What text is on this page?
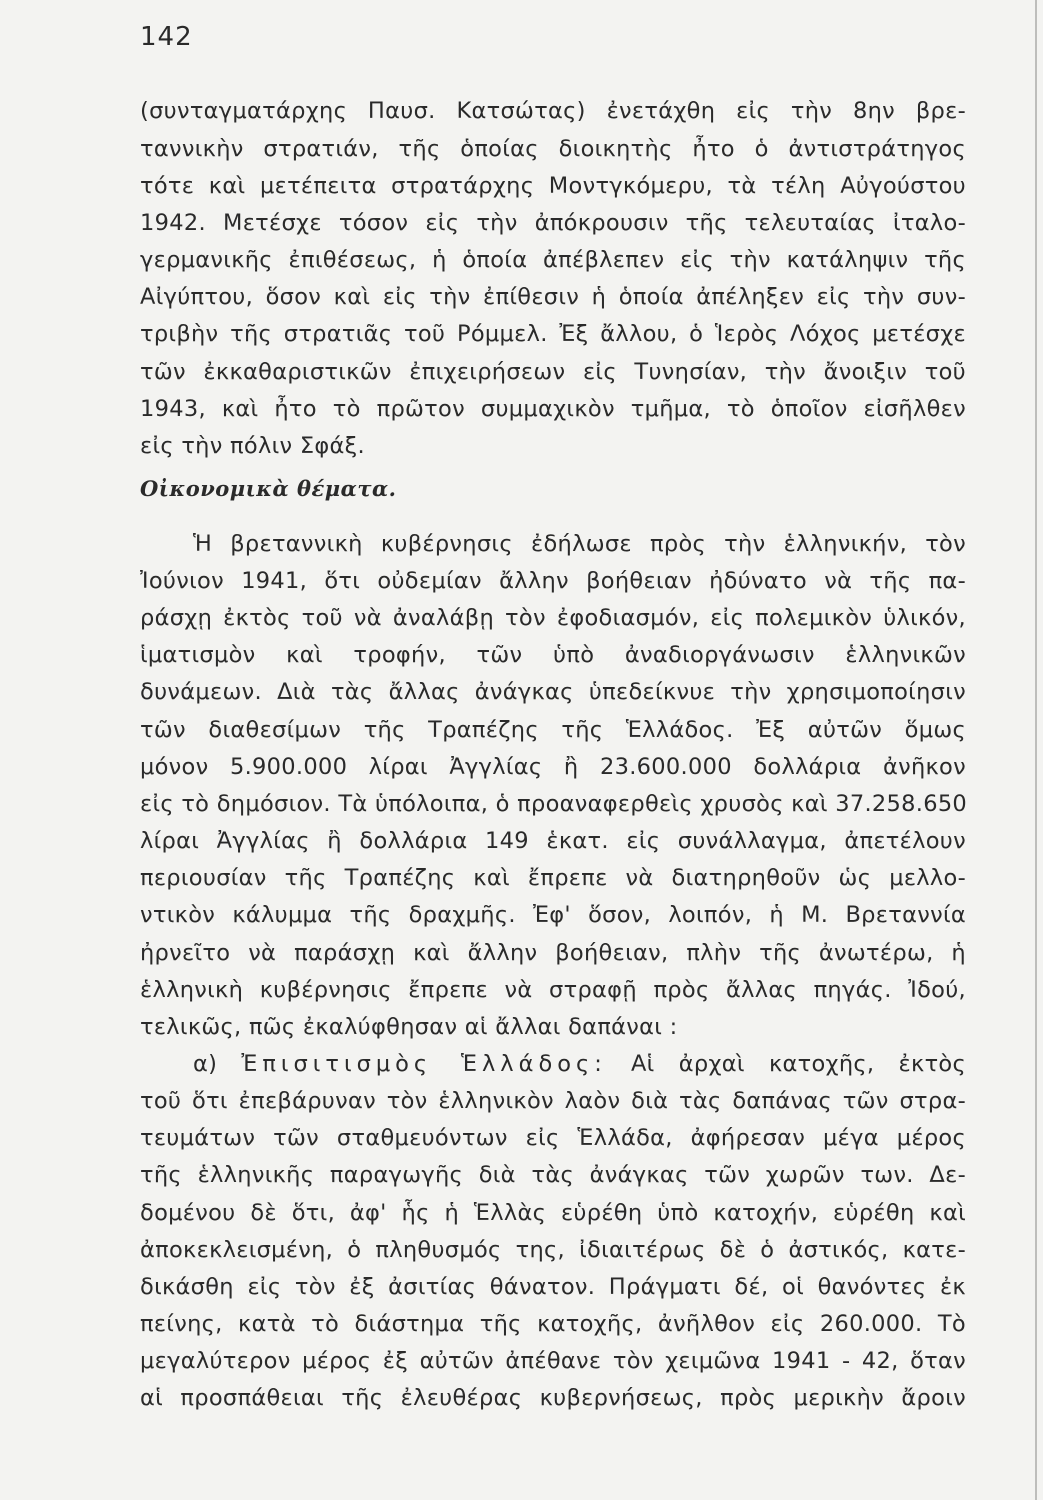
142
(συνταγματάρχης Παυσ. Κατσώτας) ἐνετάχθη εἰς τὴν 8ην βρε-
ταννικὴν στρατιάν, τῆς ὁποίας διοικητὴς ἦτο ὁ ἀντιστράτηγος
τότε καὶ μετέπειτα στρατάρχης Μοντγκόμερυ, τὰ τέλη Αὐγούστου
1942. Μετέσχε τόσον εἰς τὴν ἀπόκρουσιν τῆς τελευταίας ἰταλο-
γερμανικῆς ἐπιθέσεως, ἡ ὁποία ἀπέβλεπεν εἰς τὴν κατάληψιν τῆς
Αἰγύπτου, ὅσον καὶ εἰς τὴν ἐπίθεσιν ἡ ὁποία ἀπέληξεν εἰς τὴν συν-
τριβὴν τῆς στρατιᾶς τοῦ Ρόμμελ. Ἐξ ἄλλου, ὁ Ἱερὸς Λόχος μετέσχε
τῶν ἐκκαθαριστικῶν ἐπιχειρήσεων εἰς Τυνησίαν, τὴν ἄνοιξιν τοῦ
1943, καὶ ἦτο τὸ πρῶτον συμμαχικὸν τμῆμα, τὸ ὁποῖον εἰσῆλθεν
εἰς τὴν πόλιν Σφάξ.
Οἰκονομικὰ θέματα.
Ἡ βρεταννικὴ κυβέρνησις ἐδήλωσε πρὸς τὴν ἑλληνικήν, τὸν
Ἰούνιον 1941, ὅτι οὐδεμίαν ἄλλην βοήθειαν ἠδύνατο νὰ τῆς πα-
ράσχῃ ἐκτὸς τοῦ νὰ ἀναλάβῃ τὸν ἐφοδιασμόν, εἰς πολεμικὸν ὑλικόν,
ἱματισμὸν καὶ τροφήν, τῶν ὑπὸ ἀναδιοργάνωσιν ἑλληνικῶν
δυνάμεων. Διὰ τὰς ἄλλας ἀνάγκας ὑπεδείκνυε τὴν χρησιμοποίησιν
τῶν διαθεσίμων τῆς Τραπέζης τῆς Ἑλλάδος. Ἐξ αὐτῶν ὅμως
μόνον 5.900.000 λίραι Ἀγγλίας ἢ 23.600.000 δολλάρια ἀνῆκον
εἰς τὸ δημόσιον. Τὰ ὑπόλοιπα, ὁ προαναφερθεὶς χρυσὸς καὶ 37.258.650
λίραι Ἀγγλίας ἢ δολλάρια 149 ἑκατ. εἰς συνάλλαγμα, ἀπετέλουν
περιουσίαν τῆς Τραπέζης καὶ ἔπρεπε νὰ διατηρηθοῦν ὡς μελλο-
ντικὸν κάλυμμα τῆς δραχμῆς. Ἐφ' ὅσον, λοιπόν, ἡ Μ. Βρεταννία
ἠρνεῖτο νὰ παράσχῃ καὶ ἄλλην βοήθειαν, πλὴν τῆς ἀνωτέρω, ἡ
ἑλληνικὴ κυβέρνησις ἔπρεπε νὰ στραφῇ πρὸς ἄλλας πηγάς. Ἰδού,
τελικῶς, πῶς ἐκαλύφθησαν αἱ ἄλλαι δαπάναι :
α) Ἐπισιτισμὸς Ἑλλάδος: Αἱ ἀρχαὶ κατοχῆς, ἐκτὸς
τοῦ ὅτι ἐπεβάρυναν τὸν ἑλληνικὸν λαὸν διὰ τὰς δαπάνας τῶν στρα-
τευμάτων τῶν σταθμευόντων εἰς Ἑλλάδα, ἀφήρεσαν μέγα μέρος
τῆς ἑλληνικῆς παραγωγῆς διὰ τὰς ἀνάγκας τῶν χωρῶν των. Δε-
δομένου δὲ ὅτι, ἀφ' ἧς ἡ Ἑλλὰς εὑρέθη ὑπὸ κατοχήν, εὑρέθη καὶ
ἀποκεκλεισμένη, ὁ πληθυσμός της, ἰδιαιτέρως δὲ ὁ ἀστικός, κατε-
δικάσθη εἰς τὸν ἐξ ἀσιτίας θάνατον. Πράγματι δέ, οἱ θανόντες ἐκ
πείνης, κατὰ τὸ διάστημα τῆς κατοχῆς, ἀνῆλθον εἰς 260.000. Τὸ
μεγαλύτερον μέρος ἐξ αὐτῶν ἀπέθανε τὸν χειμῶνα 1941 - 42, ὅταν
αἱ προσπάθειαι τῆς ἐλευθέρας κυβερνήσεως, πρὸς μερικὴν ἄροιν
